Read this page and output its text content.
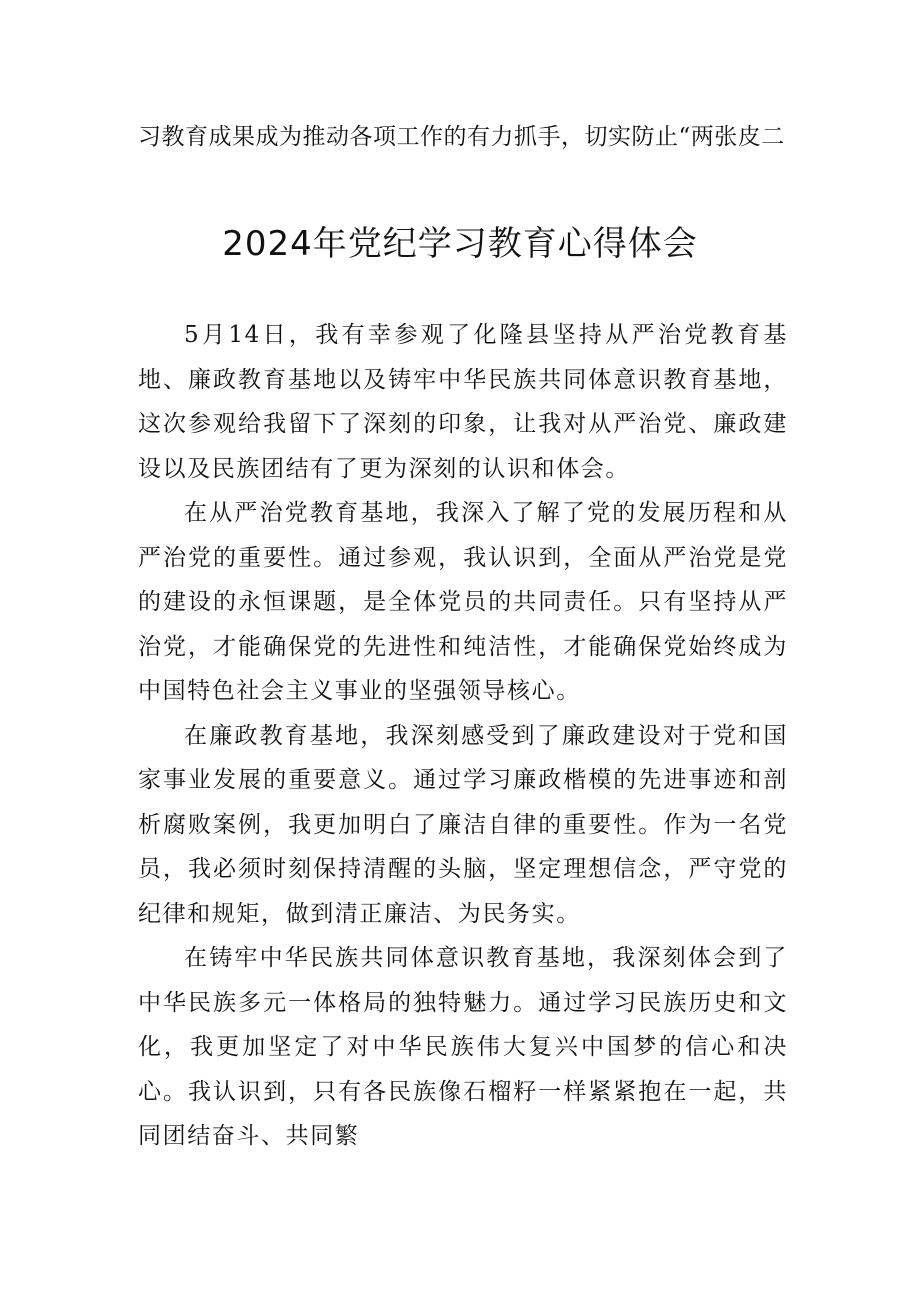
习教育成果成为推动各项工作的有力抓手，切实防止“两张皮二
2024年党纪学习教育心得体会

5月14日，我有幸参观了化隆县坚持从严治党教育基地、廉政教育基地以及铸牢中华民族共同体意识教育基地，这次参观给我留下了深刻的印象，让我对从严治党、廉政建设以及民族团结有了更为深刻的认识和体会。

在从严治党教育基地，我深入了解了党的发展历程和从严治党的重要性。通过参观，我认识到，全面从严治党是党的建设的永恒课题，是全体党员的共同责任。只有坚持从严治党，才能确保党的先进性和纯洁性，才能确保党始终成为中国特色社会主义事业的坚强领导核心。

在廉政教育基地，我深刻感受到了廉政建设对于党和国家事业发展的重要意义。通过学习廉政楷模的先进事迹和剖析腐败案例，我更加明白了廉洁自律的重要性。作为一名党员，我必须时刻保持清醒的头脑，坚定理想信念，严守党的纪律和规矩，做到清正廉洁、为民务实。

在铸牢中华民族共同体意识教育基地，我深刻体会到了中华民族多元一体格局的独特魅力。通过学习民族历史和文化，我更加坚定了对中华民族伟大复兴中国梦的信心和决心。我认识到，只有各民族像石榴籽一样紧紧抱在一起，共同团结奋斗、共同繁
